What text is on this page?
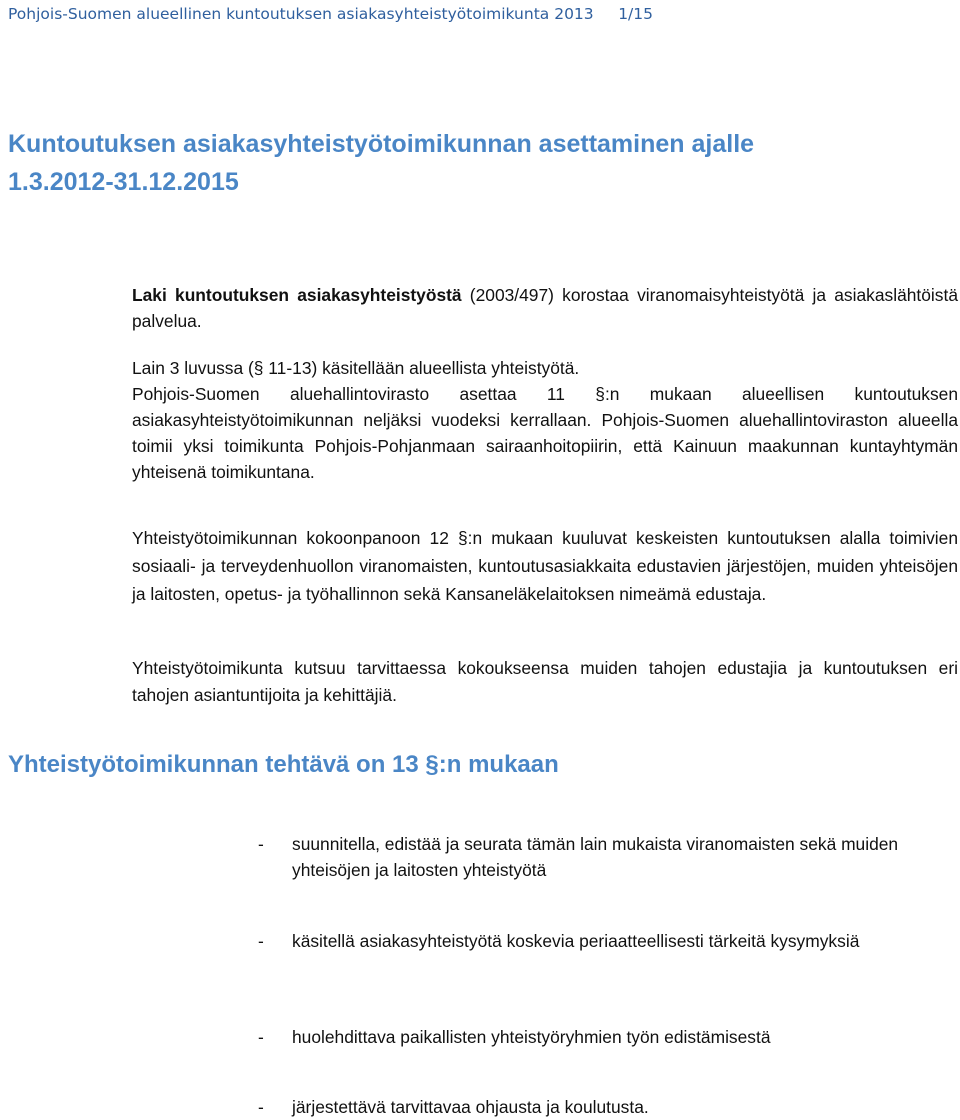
Pohjois-Suomen alueellinen kuntoutuksen asiakasyhteistyötoimikunta 2013 1/15
Kuntoutuksen asiakasyhteistyötoimikunnan asettaminen ajalle
1.3.2012-31.12.2015

Laki kuntoutuksen asiakasyhteistyöstä (2003/497) korostaa viranomaisyhteistyötä ja asiakaslähtöistä palvelua.

Lain 3 luvussa (§ 11-13) käsitellään alueellista yhteistyötä.
Pohjois-Suomen aluehallintovirasto asettaa 11 §:n mukaan alueellisen kuntoutuksen asiakasyhteistyötoimikunnan neljäksi vuodeksi kerrallaan. Pohjois-Suomen aluehallintoviraston alueella toimii yksi toimikunta Pohjois-Pohjanmaan sairaanhoitopiirin, että Kainuun maakunnan kuntayhtymän yhteisenä toimikuntana.

Yhteistyötoimikunnan kokoonpanoon 12 §:n mukaan kuuluvat keskeisten kuntoutuksen alalla toimivien sosiaali- ja terveydenhuollon viranomaisten, kuntoutusasiakkaita edustavien järjestöjen, muiden yhteisöjen ja laitosten, opetus- ja työhallinnon sekä Kansaneläkelaitoksen nimeämä edustaja.

Yhteistyötoimikunta kutsuu tarvittaessa kokoukseensa muiden tahojen edustajia ja kuntoutuksen eri tahojen asiantuntijoita ja kehittäjiä.

Yhteistyötoimikunnan tehtävä on 13 §:n mukaan
-	suunnitella, edistää ja seurata tämän lain mukaista viranomaisten sekä muiden yhteisöjen ja laitosten yhteistyötä
-	käsitellä asiakasyhteistyötä koskevia periaatteellisesti tärkeitä kysymyksiä
-	huolehdittava paikallisten yhteistyöryhmien työn edistämisestä
-	järjestettävä tarvittavaa ohjausta ja koulutusta.
